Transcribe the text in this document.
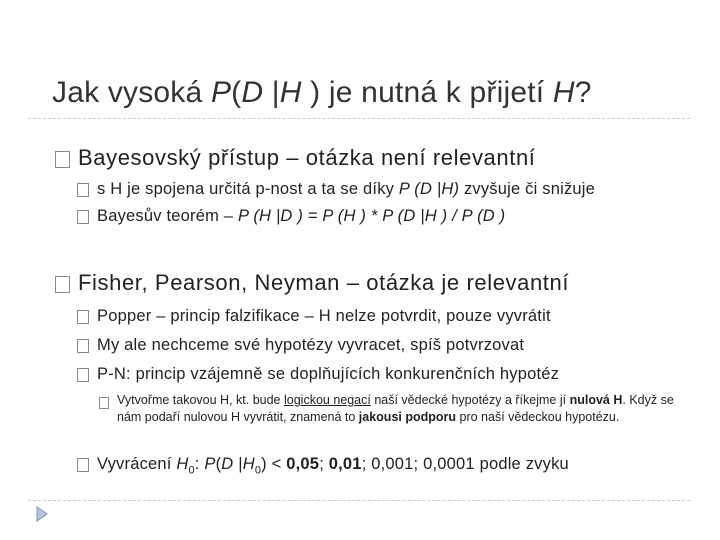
Jak vysoká P(D |H ) je nutná k přijetí H?
Bayesovský přístup – otázka není relevantní
s H je spojena určitá p-nost a ta se díky P (D |H) zvyšuje či snižuje
Bayesův teorém – P (H |D ) = P (H ) * P (D |H ) / P (D )
Fisher, Pearson, Neyman – otázka je relevantní
Popper – princip falzifikace – H nelze potvrdit, pouze vyvrátit
My ale nechceme své hypotézy vyvracet, spíš potvrzovat
P-N: princip vzájemně se doplňujících konkurenčních hypotéz
Vytvořme takovou H, kt. bude logickou negací naší vědecké hypotézy a říkejme jí nulová H. Když se nám podaří nulovou H vyvrátit, znamená to jakousi podporu pro naší vědeckou hypotézu.
Vyvrácení $H_0$: P(D $|H_0) < 0,05$; 0,01; 0,001; 0,0001 podle zvyku
